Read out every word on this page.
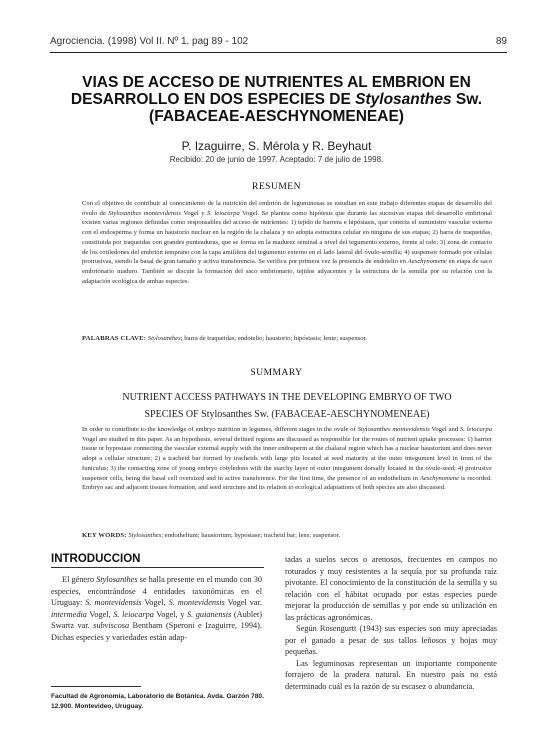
Agrociencia. (1998) Vol II. Nº 1. pag 89 - 102	89
VIAS DE ACCESO DE NUTRIENTES AL EMBRION EN
DESARROLLO EN DOS ESPECIES DE Stylosanthes Sw.
(FABACEAE-AESCHYNOMENEAE)
P. Izaguirre, S. Mérola y R. Beyhaut
Recibido: 20 de junio de 1997. Aceptado: 7 de julio de 1998.
RESUMEN
Con el objetivo de contribuir al conocimiento de la nutrición del embrión de leguminosas se estudian en este trabajo diferentes etapas de desarrollo del óvulo de Stylosanthes montevidensis Vogel y S. leiocarpa Vogel. Se plantea como hipótesis que durante las sucesivas etapas del desarrollo embrional existen varias regiones definidas como responsables del acceso de nutrientes: 1) tejido de barrera e hipóstasis, que conecta el suministro vascular externo con el endosperma y forma un haustorio nuclear en la región de la chalaza y no adopta estructura celular en ninguna de sus etapas; 2) barra de traqueidas, constituida por traqueidas con grandes punteaduras, que se forma en la madurez seminal a nivel del tegumento externo, frente al rafe; 3) zona de contacto de los cotiledones del embrión temprano con la capa amilífera del tegumento externo en el lado lateral del óvulo-semilla; 4) suspensor formado por células protrusivas, siendo la basal de gran tamaño y activa transferencia. Se verifica por primera vez la presencia de endotelio en Aeschynomene en etapa de saco embrionario maduro. También se discute la formación del saco embrionario, tejidos adyacentes y la estructura de la semilla por su relación con la adaptación ecológica de ambas especies.
PALABRAS CLAVE: Stylosanthes; barra de traqueidas; endotelio; haustorio; hipóstasis; lente; suspensor.
SUMMARY
NUTRIENT ACCESS PATHWAYS IN THE DEVELOPING EMBRYO OF TWO
SPECIES OF Stylosanthes Sw. (FABACEAE-AESCHYNOMENEAE)
In order to contribute to the knowledge of embryo nutrition in legumes, different stages in the ovule of Stylosanthes montevidensis Vogel and S. leiocarpa Vogel are studied in this paper. As an hypothesis, several defined regions are discussed as responsible for the routes of nutrient uptake processes: 1) barrier tissue or hypostase connecting the vascular external supply with the inner endosperm at the chalazal region which has a nuclear haustorium and does never adopt a cellular structure; 2) a tracheid bar formed by tracheids with large pits located at seed maturity at the outer integument level in front of the funiculus; 3) the contacting zone of young embryo cotyledons with the starchy layer of outer integument dorsally located in the ovule-seed; 4) protrusive suspensor cells, being the basal cell oversized and in active transference. For the first time, the presence of an endothelium in Aeschynomene is recorded. Embryo sac and adjacent tissues formation, and seed structure and its relation to ecological adaptations of both species are also discussed.
KEY WORDS: Stylosanthes; endothelium; haustorium; hypostase; tracheid bar; lens; suspensor.
INTRODUCCION

El género Stylosanthes se halla presente en el mundo con 30 especies, encontrándose 4 entidades taxonómicas en el Uruguay: S. montevidensis Vogel, S. montevidensis Vogel var. intermedia Vogel, S. leiocarpa Vogel, y S. guianensis (Aublet) Swartz var. subviscosa Bentham (Speroni e Izaguirre, 1994). Dichas especies y variedades están adap-

tadas a suelos secos o arenosos, frecuentes en campos no roturados y muy resistentes a la sequía por su profunda raíz pivotante. El conocimiento de la constitución de la semilla y su relación con el hábitat ocupado por estas especies puede mejorar la producción de semillas y por ende su utilización en las prácticas agronómicas.

Según Rosengurtt (1943) sus especies son muy apreciadas por el ganado a pesar de sus tallos leñosos y hojas muy pequeñas.

Las leguminosas representan un importante componente forrajero de la pradera natural. En nuestro país no está determinado cuál es la razón de su escasez o abundancia.

Facultad de Agronomía, Laboratorio de Botánica. Avda. Garzón 780. 12.900. Montevideo, Uruguay.
